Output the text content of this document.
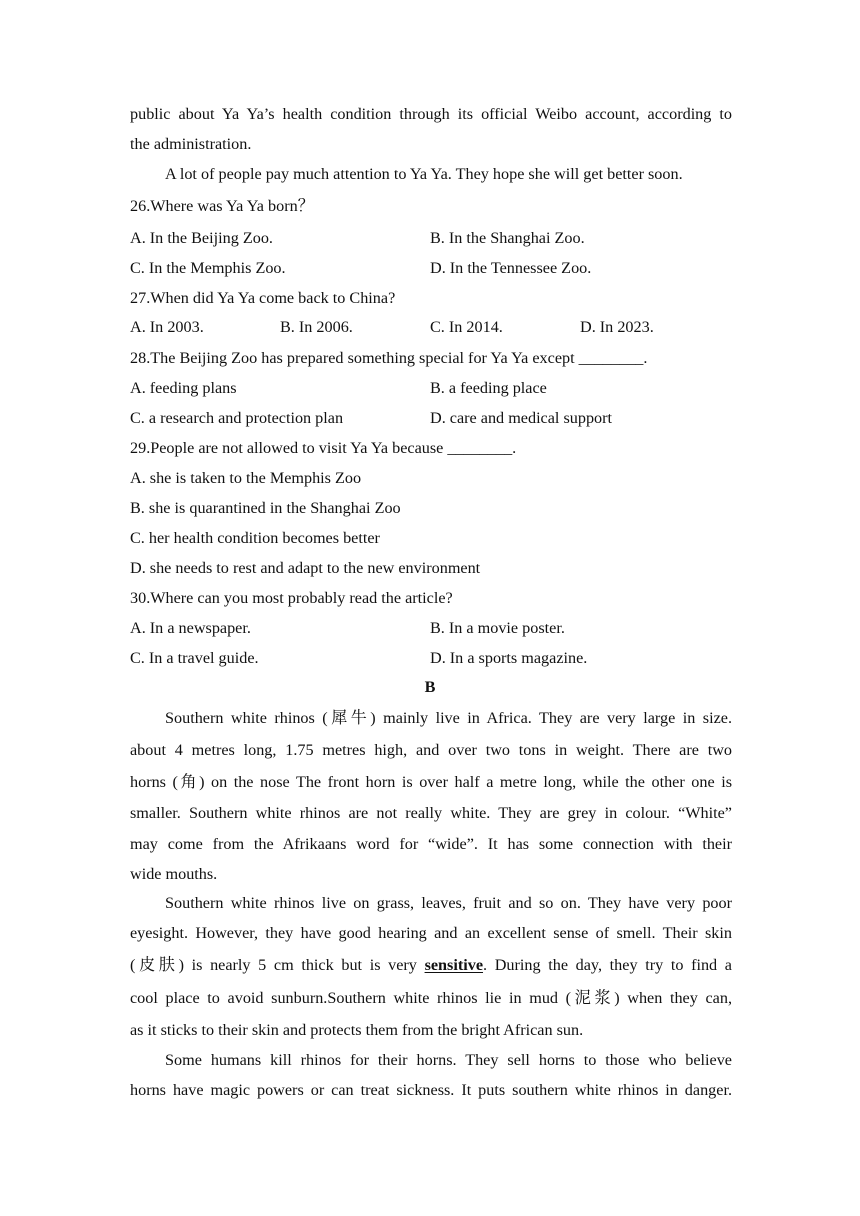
public about Ya Ya’s health condition through its official Weibo account, according to
the administration.
A lot of people pay much attention to Ya Ya. They hope she will get better soon.
26.Where was Ya Ya born？
A. In the Beijing Zoo.	B. In the Shanghai Zoo.
C. In the Memphis Zoo.	D. In the Tennessee Zoo.
27.When did Ya Ya come back to China?
A. In 2003.	B. In 2006.	C. In 2014.	D. In 2023.
28.The Beijing Zoo has prepared something special for Ya Ya except ________.
A. feeding plans	B. a feeding place
C. a research and protection plan	D. care and medical support
29.People are not allowed to visit Ya Ya because ________.
A. she is taken to the Memphis Zoo
B. she is quarantined in the Shanghai Zoo
C. her health condition becomes better
D. she needs to rest and adapt to the new environment
30.Where can you most probably read the article?
A. In a newspaper.	B. In a movie poster.
C. In a travel guide.	D. In a sports magazine.
B
Southern white rhinos (犀牛) mainly live in Africa. They are very large in size.
about 4 metres long, 1.75 metres high, and over two tons in weight. There are two
horns (角) on the nose The front horn is over half a metre long, while the other one is
smaller. Southern white rhinos are not really white. They are grey in colour. “White”
may come from the Afrikaans word for “wide”. It has some connection with their
wide mouths.
Southern white rhinos live on grass, leaves, fruit and so on. They have very poor
eyesight. However, they have good hearing and an excellent sense of smell. Their skin
(皮肤) is nearly 5 cm thick but is very sensitive. During the day, they try to find a
cool place to avoid sunburn.Southern white rhinos lie in mud (泥浆) when they can,
as it sticks to their skin and protects them from the bright African sun.
Some humans kill rhinos for their horns. They sell horns to those who believe
horns have magic powers or can treat sickness. It puts southern white rhinos in danger.
